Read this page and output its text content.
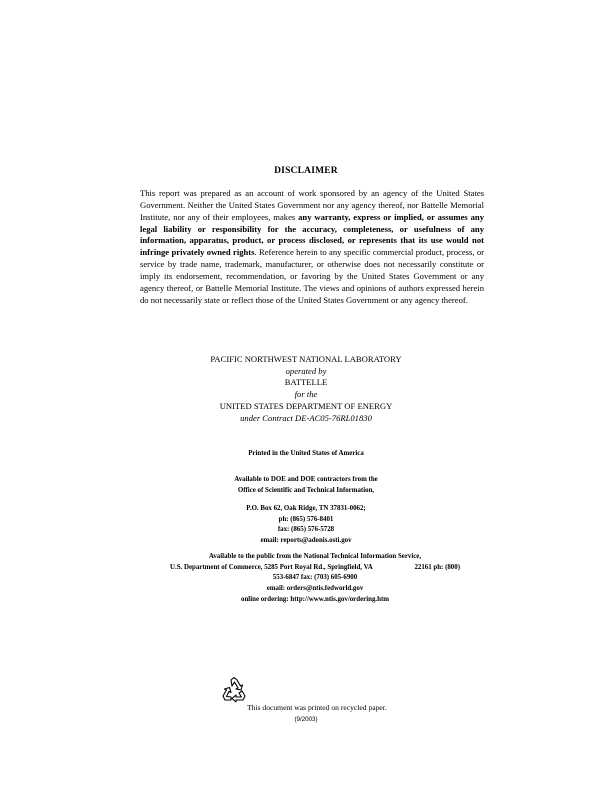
DISCLAIMER
This report was prepared as an account of work sponsored by an agency of the United States Government. Neither the United States Government nor any agency thereof, nor Battelle Memorial Institute, nor any of their employees, makes any warranty, express or implied, or assumes any legal liability or responsibility for the accuracy, completeness, or usefulness of any information, apparatus, product, or process disclosed, or represents that its use would not infringe privately owned rights. Reference herein to any specific commercial product, process, or service by trade name, trademark, manufacturer, or otherwise does not necessarily constitute or imply its endorsement, recommendation, or favoring by the United States Government or any agency thereof, or Battelle Memorial Institute. The views and opinions of authors expressed herein do not necessarily state or reflect those of the United States Government or any agency thereof.
PACIFIC NORTHWEST NATIONAL LABORATORY
operated by
BATTELLE
for the
UNITED STATES DEPARTMENT OF ENERGY
under Contract DE-AC05-76RL01830
Printed in the United States of America
Available to DOE and DOE contractors from the
Office of Scientific and Technical Information,
P.O. Box 62, Oak Ridge, TN 37831-0062;
ph: (865) 576-8401
fax: (865) 576-5728
email: reports@adonis.osti.gov
Available to the public from the National Technical Information Service,
U.S. Department of Commerce, 5285 Port Royal Rd., Springfield, VA	22161 ph: (800)
553-6847 fax: (703) 605-6900
email: orders@ntis.fedworld.gov
online ordering: http://www.ntis.gov/ordering.htm
This document was printed on recycled paper.
(9/2003)
